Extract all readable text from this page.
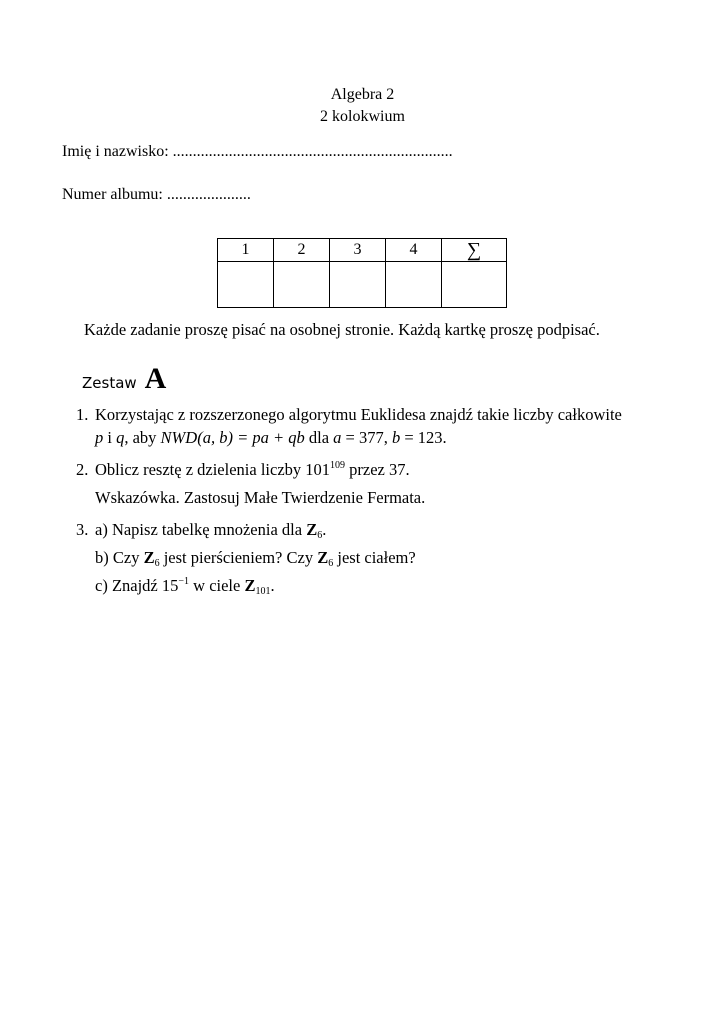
Algebra 2
2 kolokwium
Imię i nazwisko: ......................................................................
Numer albumu: .....................
1	2	3	4	∑

Każde zadanie proszę pisać na osobnej stronie. Każdą kartkę proszę podpisać.
Zestaw A
1. Korzystając z rozszerzonego algorytmu Euklidesa znajdź takie liczby całkowite
p i q, aby NWD(a, b) = pa + qb dla a = 377, b = 123.
2. Oblicz resztę z dzielenia liczby $101^{109}$ przez 37.
Wskazówka. Zastosuj Małe Twierdzenie Fermata.
3. a) Napisz tabelkę mnożenia dla $Z_6$.
b) Czy $Z_6$ jest pierścieniem? Czy $Z_6$ jest ciałem?
c) Znajdź $15^{-1}$ w ciele $Z_{101}$.
